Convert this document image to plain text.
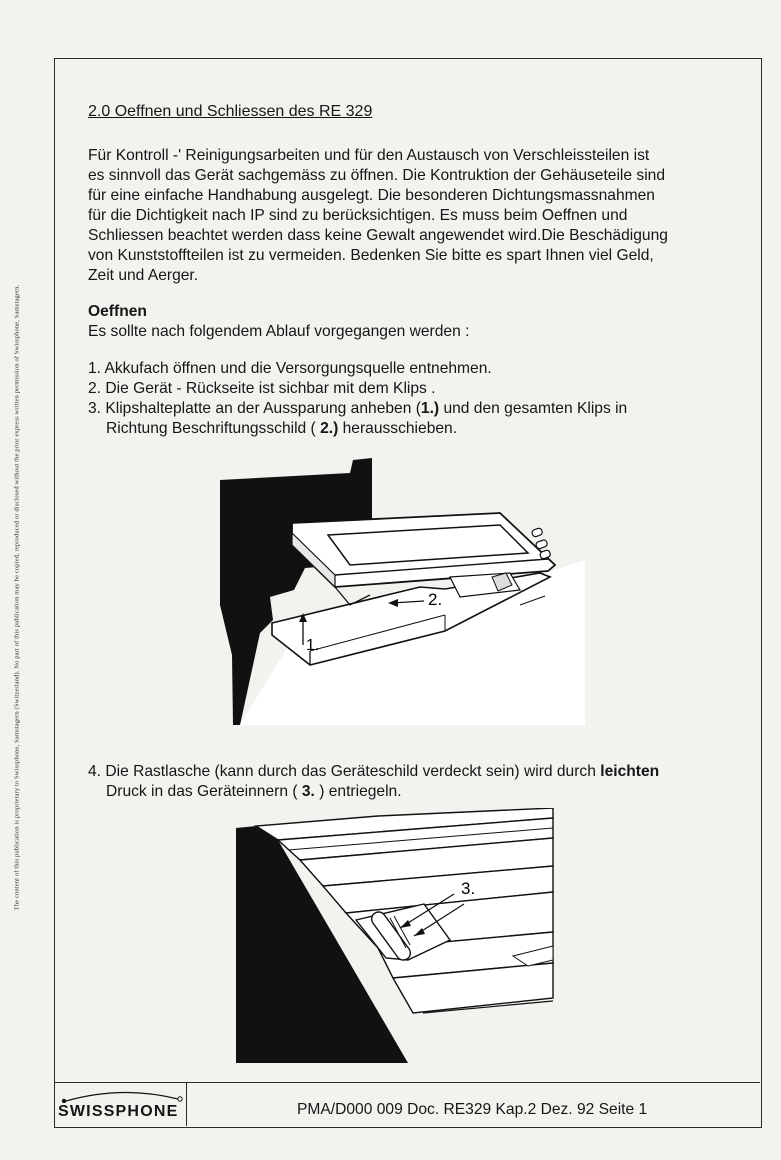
The content of this publication is proprietary to Swissphone, Samstagern (Switzerland). No part of this publication may be copied, reproduced or disclosed without the prior express written permission of Swissphone, Samstagern.
2.0 Oeffnen und Schliessen des RE 329
Für Kontroll -' Reinigungsarbeiten und für den Austausch von Verschleissteilen ist
es sinnvoll das Gerät sachgemäss zu öffnen. Die Kontruktion der Gehäuseteile sind
für eine einfache Handhabung ausgelegt. Die besonderen Dichtungsmassnahmen
für die Dichtigkeit nach IP sind zu berücksichtigen. Es muss beim Oeffnen und
Schliessen beachtet werden dass keine Gewalt angewendet wird.Die Beschädigung
von Kunststoffteilen ist zu vermeiden. Bedenken Sie bitte es spart Ihnen viel Geld,
Zeit und Aerger.
Oeffnen
Es sollte nach folgendem Ablauf vorgegangen werden :
1. Akkufach öffnen und die Versorgungsquelle entnehmen.
2. Die Gerät - Rückseite ist sichbar mit dem Klips .
3. Klipshalteplatte an der Aussparung anheben (1.) und den gesamten Klips in
Richtung Beschriftungsschild ( 2.) herausschieben.
2.
1.
4. Die Rastlasche (kann durch das Geräteschild verdeckt sein) wird durch leichten
Druck in das Geräteinnern ( 3. ) entriegeln.
3.
SWISSPHONE	PMA/D000 009 Doc. RE329 Kap.2 Dez. 92 Seite 1
